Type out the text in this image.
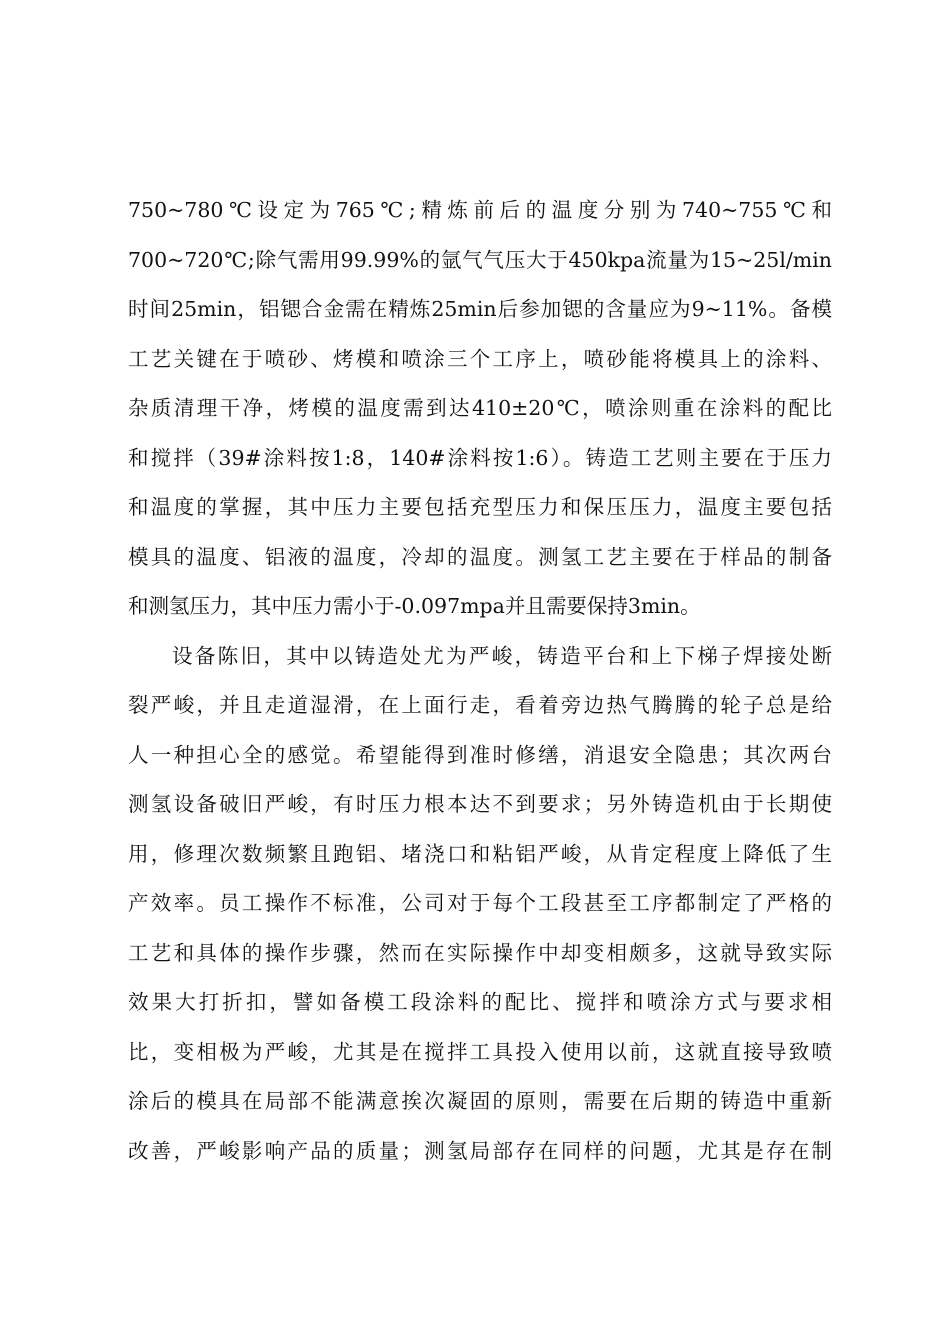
750~780℃设定为765℃;精炼前后的温度分别为740~755℃和
700~720℃;除气需用99.99%的氩气气压大于450kpa流量为15~25l/min
时间25min，铝锶合金需在精炼25min后参加锶的含量应为9~11%。备模
工艺关键在于喷砂、烤模和喷涂三个工序上，喷砂能将模具上的涂料、
杂质清理干净，烤模的温度需到达410±20℃，喷涂则重在涂料的配比
和搅拌（39#涂料按1:8，140#涂料按1:6）。铸造工艺则主要在于压力
和温度的掌握，其中压力主要包括充型压力和保压压力，温度主要包括
模具的温度、铝液的温度，冷却的温度。测氢工艺主要在于样品的制备
和测氢压力，其中压力需小于-0.097mpa并且需要保持3min。
设备陈旧，其中以铸造处尤为严峻，铸造平台和上下梯子焊接处断
裂严峻，并且走道湿滑，在上面行走，看着旁边热气腾腾的轮子总是给
人一种担心全的感觉。希望能得到准时修缮，消退安全隐患；其次两台
测氢设备破旧严峻，有时压力根本达不到要求；另外铸造机由于长期使
用，修理次数频繁且跑铝、堵浇口和粘铝严峻，从肯定程度上降低了生
产效率。员工操作不标准，公司对于每个工段甚至工序都制定了严格的
工艺和具体的操作步骤，然而在实际操作中却变相颇多，这就导致实际
效果大打折扣，譬如备模工段涂料的配比、搅拌和喷涂方式与要求相
比，变相极为严峻，尤其是在搅拌工具投入使用以前，这就直接导致喷
涂后的模具在局部不能满意挨次凝固的原则，需要在后期的铸造中重新
改善，严峻影响产品的质量；测氢局部存在同样的问题，尤其是存在制
